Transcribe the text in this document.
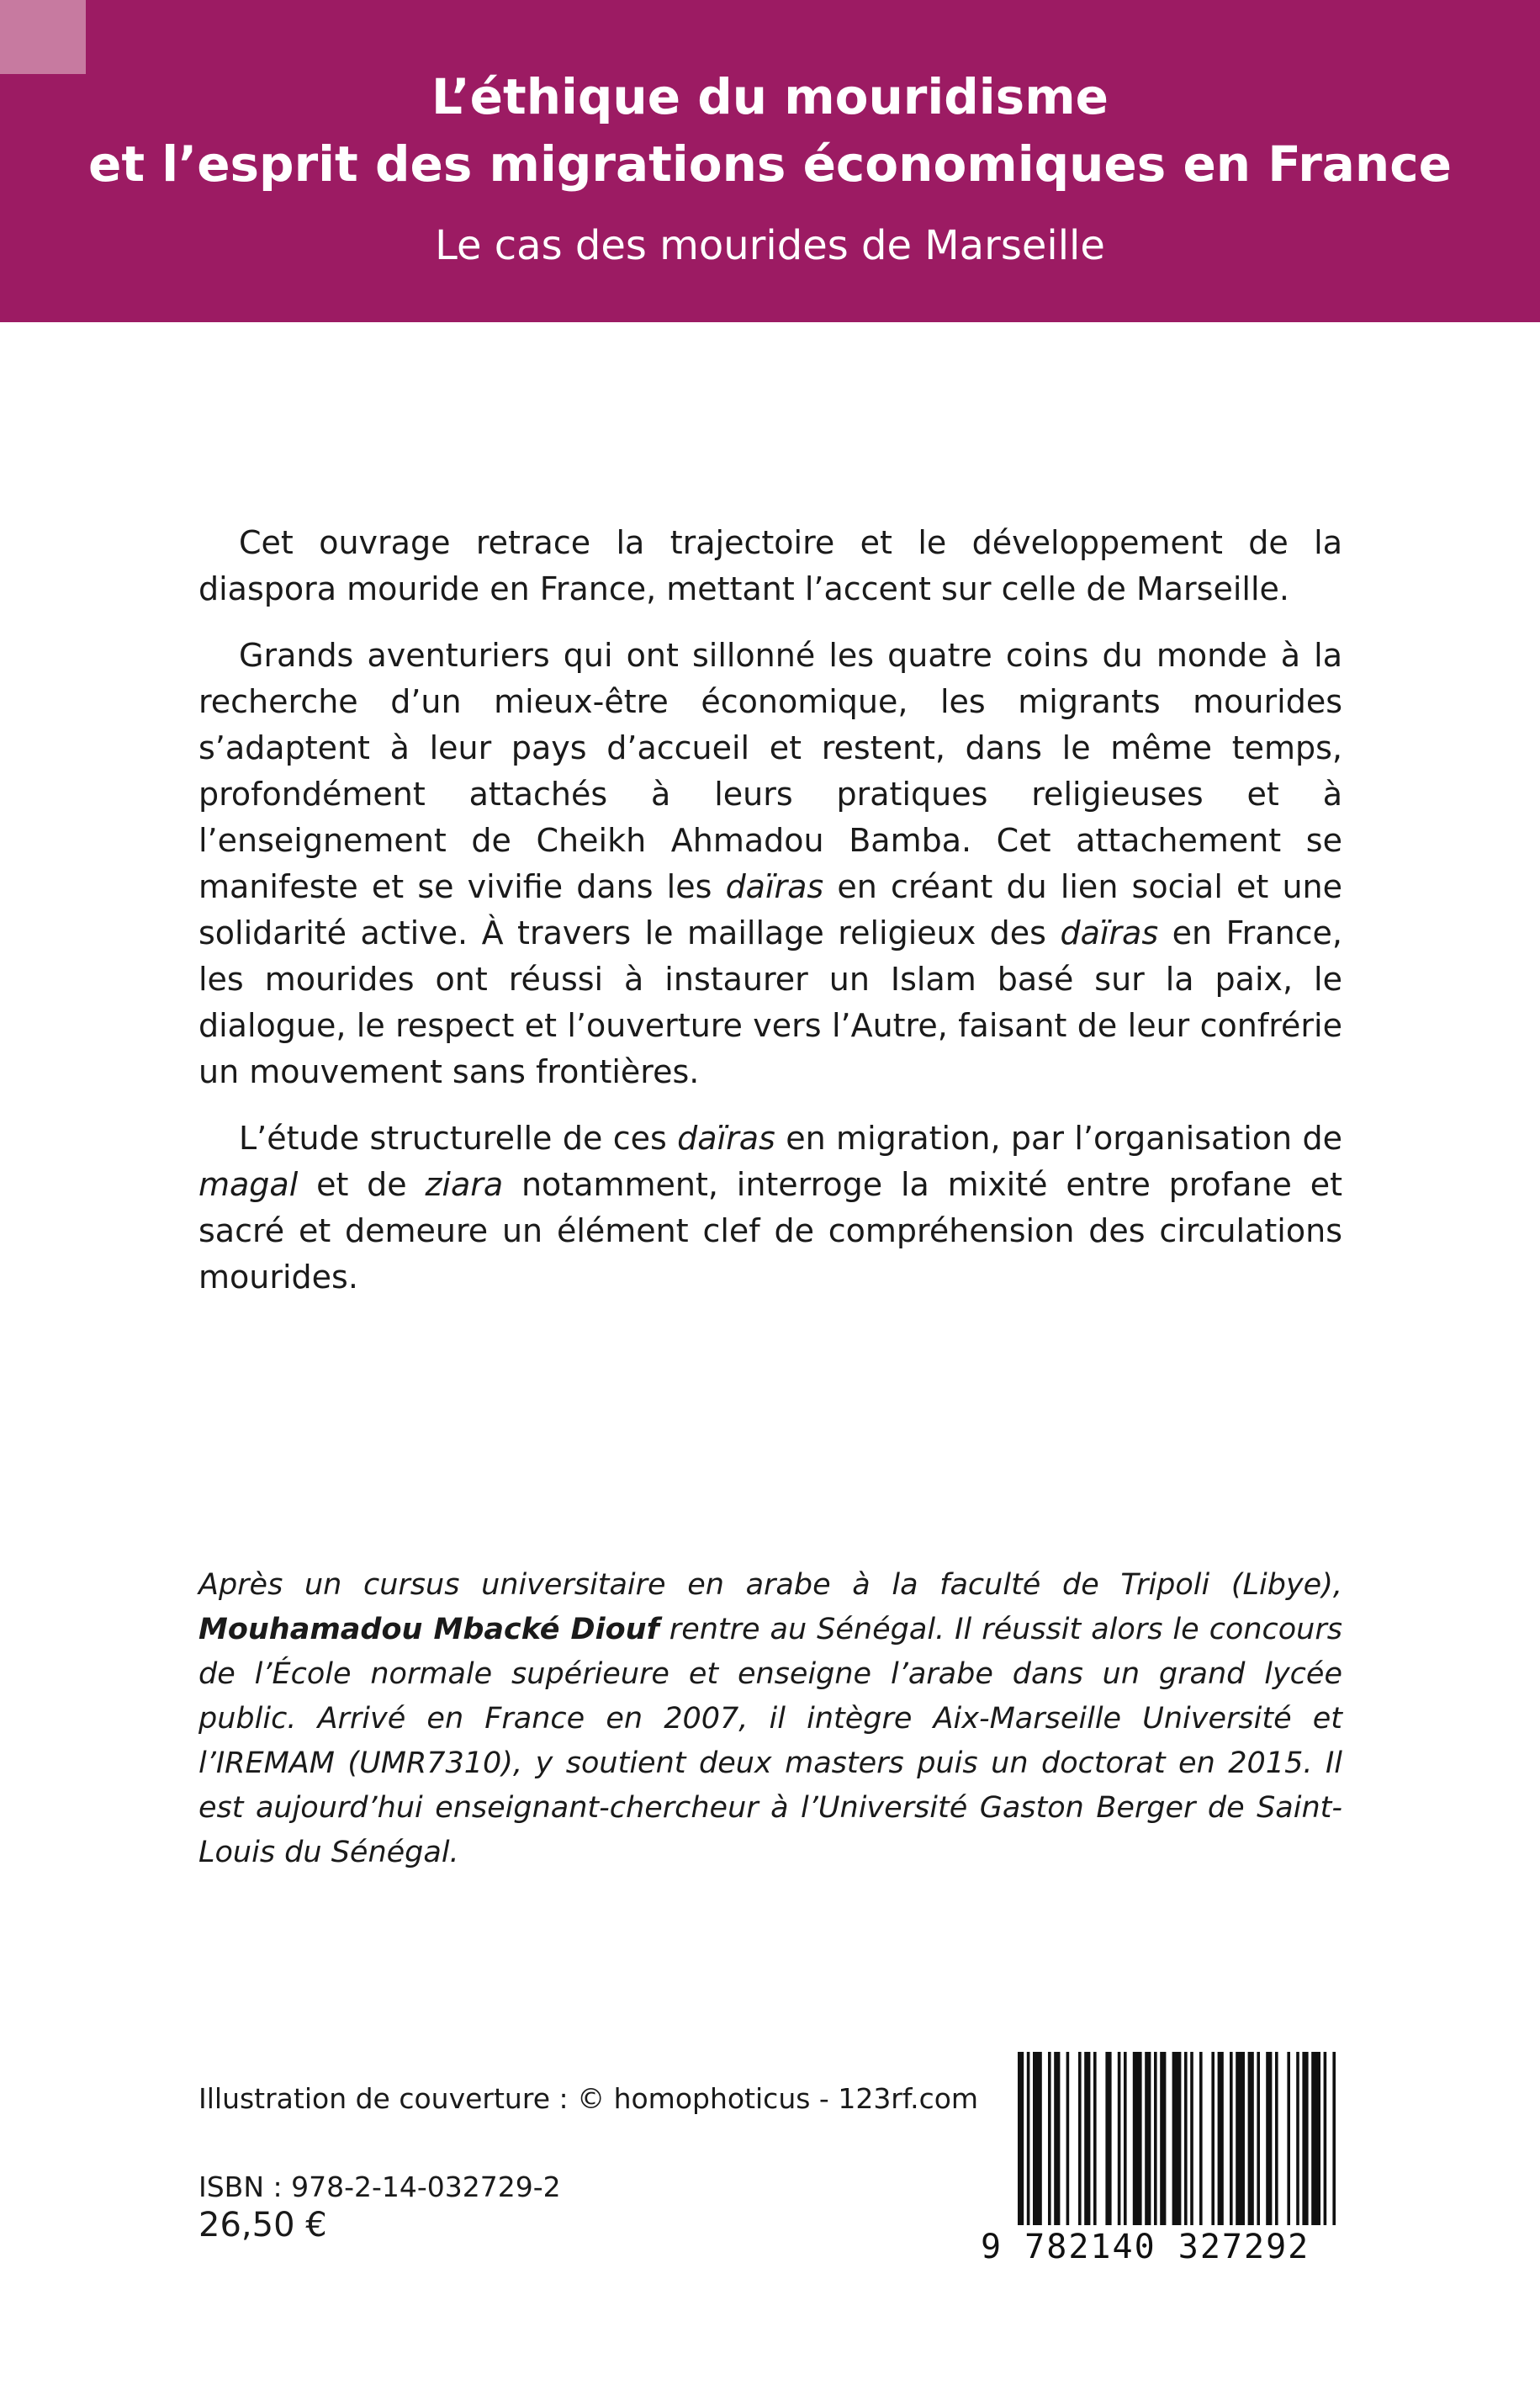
L’éthique du mouridisme
et l’esprit des migrations économiques en France
Le cas des mourides de Marseille

Cet ouvrage retrace la trajectoire et le développement de la diaspora mouride en France, mettant l’accent sur celle de Marseille.

Grands aventuriers qui ont sillonné les quatre coins du monde à la recherche d’un mieux-être économique, les migrants mourides s’adaptent à leur pays d’accueil et restent, dans le même temps, profondément attachés à leurs pratiques religieuses et à l’enseignement de Cheikh Ahmadou Bamba. Cet attachement se manifeste et se vivifie dans les daïras en créant du lien social et une solidarité active. À travers le maillage religieux des daïras en France, les mourides ont réussi à instaurer un Islam basé sur la paix, le dialogue, le respect et l’ouverture vers l’Autre, faisant de leur confrérie un mouvement sans frontières.

L’étude structurelle de ces daïras en migration, par l’organisation de magal et de ziara notamment, interroge la mixité entre profane et sacré et demeure un élément clef de compréhension des circulations mourides.

Après un cursus universitaire en arabe à la faculté de Tripoli (Libye), Mouhamadou Mbacké Diouf rentre au Sénégal. Il réussit alors le concours de l’École normale supérieure et enseigne l’arabe dans un grand lycée public. Arrivé en France en 2007, il intègre Aix-Marseille Université et l’IREMAM (UMR7310), y soutient deux masters puis un doctorat en 2015. Il est aujourd’hui enseignant-chercheur à l’Université Gaston Berger de Saint-Louis du Sénégal.

Illustration de couverture : © homophoticus - 123rf.com
ISBN : 978-2-14-032729-2
26,50 €
9 782140 327292
